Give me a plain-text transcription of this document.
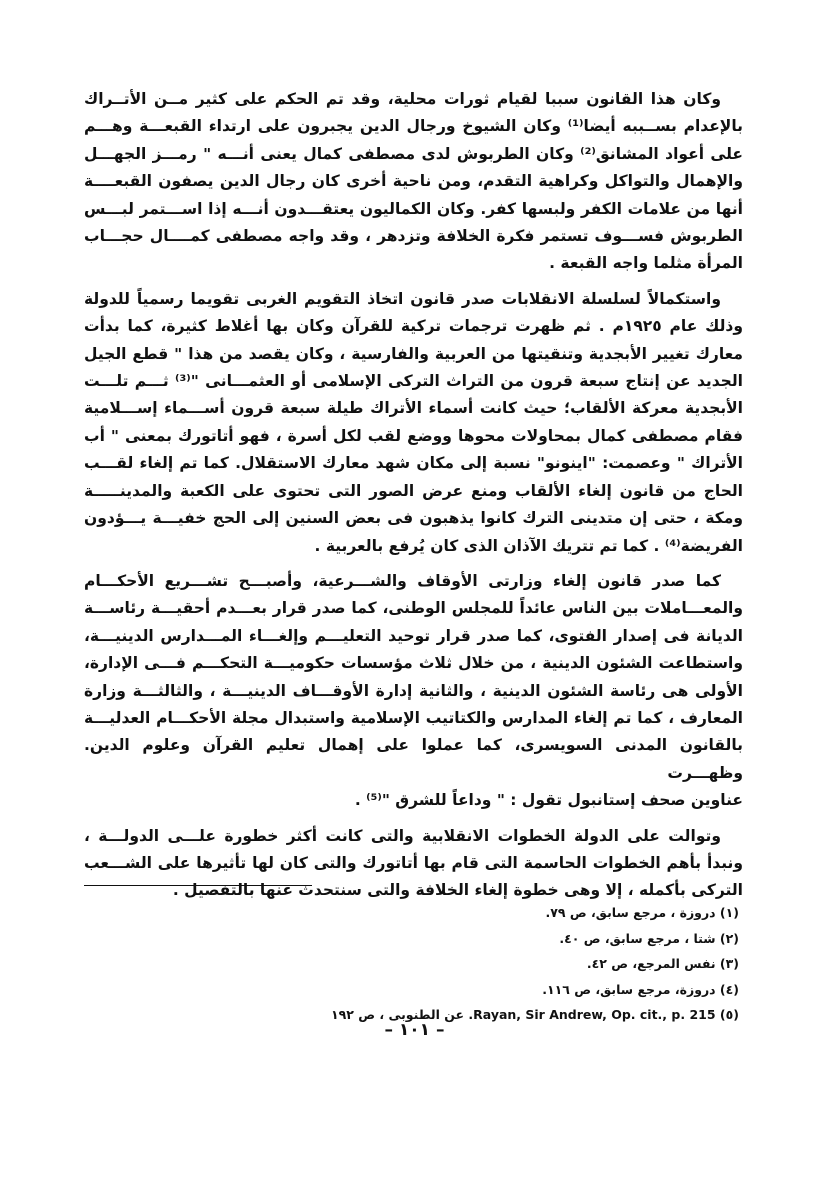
وكان هذا القانون سببا لقيام ثورات محلية، وقد تم الحكم على كثير مــن الأتــراك
بالإعدام بســببه أيضا⁽¹⁾ وكان الشيوخ ورجال الدين يجبرون على ارتداء القبعـــة وهـــم
على أعواد المشانق⁽²⁾ وكان الطربوش لدى مصطفى كمال يعنى أنـــه " رمـــز الجهـــل
والإهمال والتواكل وكراهية التقدم، ومن ناحية أخرى كان رجال الدين يصفون القبعــــة
أنها من علامات الكفر ولبسها كفر. وكان الكماليون يعتقـــدون أنـــه إذا اســـتمر لبـــس
الطربوش فســـوف تستمر فكرة الخلافة وتزدهر ، وقد واجه مصطفى كمــــال حجـــاب
المرأة مثلما واجه القبعة .

واستكمالاً لسلسلة الانقلابات صدر قانون اتخاذ التقويم الغربى تقويما رسمياً للدولة
وذلك عام ١٩٢٥م . ثم ظهرت ترجمات تركية للقرآن وكان بها أغلاط كثيرة، كما بدأت
معارك تغيير الأبجدية وتنقيتها من العربية والفارسية ، وكان يقصد من هذا " قطع الجيل
الجديد عن إنتاج سبعة قرون من التراث التركى الإسلامى أو العثمـــانى "⁽³⁾ ثـــم تلـــت
الأبجدية معركة الألقاب؛ حيث كانت أسماء الأتراك طيلة سبعة قرون أســـماء إســـلامية
فقام مصطفى كمال بمحاولات محوها ووضع لقب لكل أسرة ، فهو أتاتورك بمعنى " أب
الأتراك " وعصمت: "اينونو" نسبة إلى مكان شهد معارك الاستقلال. كما تم إلغاء لقـــب
الحاج من قانون إلغاء الألقاب ومنع عرض الصور التى تحتوى على الكعبة والمدينـــــة
ومكة ، حتى إن متدينى الترك كانوا يذهبون فى بعض السنين إلى الحج خفيـــة يـــؤدون
الفريضة⁽⁴⁾ . كما تم تتريك الآذان الذى كان يُرفع بالعربية .

كما صدر قانون إلغاء وزارتى الأوقاف والشـــرعية، وأصبـــح تشـــريع الأحكـــام
والمعـــاملات بين الناس عائداً للمجلس الوطنى، كما صدر قرار بعـــدم أحقيـــة رئاســـة
الديانة فى إصدار الفتوى، كما صدر قرار توحيد التعليـــم وإلغـــاء المـــدارس الدينيـــة،
واستطاعت الشئون الدينية ، من خلال ثلاث مؤسسات حكوميـــة التحكـــم فـــى الإدارة،
الأولى هى رئاسة الشئون الدينية ، والثانية إدارة الأوقـــاف الدينيـــة ، والثالثـــة وزارة
المعارف ، كما تم إلغاء المدارس والكتاتيب الإسلامية واستبدال مجلة الأحكـــام العدليـــة
بالقانون المدنى السويسرى، كما عملوا على إهمال تعليم القرآن وعلوم الدين. وظهـــرت
عناوين صحف إستانبول تقول : " وداعاً للشرق "⁽⁵⁾ .

وتوالت على الدولة الخطوات الانقلابية والتى كانت أكثر خطورة علـــى الدولـــة ،
ونبدأ بأهم الخطوات الحاسمة التى قام بها أتاتورك والتى كان لها تأثيرها على الشـــعب
التركى بأكمله ، إلا وهى خطوة إلغاء الخلافة والتى سنتحدث عنها بالتفصيل .

(١) دروزة ، مرجع سابق، ص ٧٩.
(٢) شتا ، مرجع سابق، ص ٤٠.
(٣) نفس المرجع، ص ٤٢.
(٤) دروزة، مرجع سابق، ص ١١٦.
(٥) Rayan, Sir Andrew, Op. cit., p. 215. عن الطنوبى ، ص ١٩٢
– ١٠١ –
